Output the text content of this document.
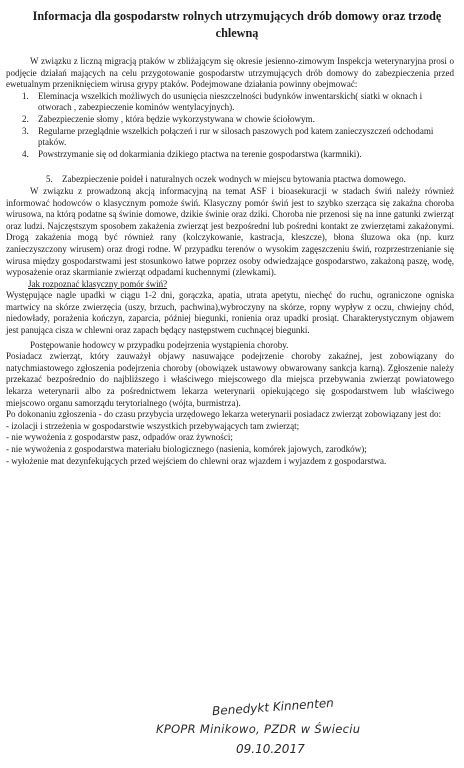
Informacja dla gospodarstw rolnych utrzymujących drób domowy oraz trzodę chlewną

W związku z liczną migracją ptaków w zbliżającym się okresie jesienno-zimowym Inspekcja weterynaryjna prosi o podjęcie działań mających na celu przygotowanie gospodarstw utrzymujących drób domowy do zabezpieczenia przed ewetualnym przeniknięciem wirusa grypy ptaków. Podejmowane działania powinny obejmować:

1.	Eleminacja wszelkich możliwych do usunięcia nieszczelności budynków inwentarskich( siatki w oknach i otworach , zabezpieczenie kominów wentylacyjnych).
2.	Zabezpieczenie słomy , która będzie wykorzystywana w chowie ściołowym.
3.	Regularne przeglądnie wszelkich połączeń i rur w silosach paszowych pod katem zanieczyszczeń odchodami ptaków.
4.	Powstrzymanie się od dokarmiania dzikiego ptactwa na terenie gospodarstwa (karmniki).
5.	Zabezpieczenie poideł i naturalnych oczek wodnych w miejscu bytowania ptactwa domowego.

W związku z prowadzoną akcją informacyjną na temat ASF i bioasekuracji w stadach świń należy również informować hodowców o klasycznym pomoże świń. Klasyczny pomór świń jest to szybko szerząca się zakaźna choroba wirusowa, na którą podatne są świnie domowe, dzikie świnie oraz dziki. Choroba nie przenosi się na inne gatunki zwierząt oraz ludzi. Najczęstszym sposobem zakażenia zwierząt jest bezpośredni lub pośredni kontakt ze zwierzętami zakażonymi. Drogą zakażenia mogą być również rany (kolczykowanie, kastracja, kleszcze), błona śluzowa oka (np. kurz zanieczyszczony wirusem) oraz drogi rodne. W przypadku terenów o wysokim zagęszczeniu świń, rozprzestrzenianie się wirusa między gospodarstwami jest stosunkowo łatwe poprzez osoby odwiedzające gospodarstwo, zakażoną paszę, wodę, wyposażenie oraz skarmianie zwierząt odpadami kuchennymi (zlewkami).

Jak rozpoznać klasyczny pomór świń?

Występujące nagle upadki w ciągu 1-2 dni, gorączka, apatia, utrata apetytu, niechęć do ruchu, ograniczone ogniska martwicy na skórze zwierzęcia (uszy, brzuch, pachwina),wybroczyny na skórze, ropny wypływ z oczu, chwiejny chód, niedowłady, porażenia kończyn, zaparcia, później biegunki, ronienia oraz upadki prosiąt. Charakterystycznym objawem jest panująca cisza w chlewni oraz zapach będący następstwem cuchnącej biegunki.

Postępowanie hodowcy w przypadku podejrzenia wystąpienia choroby.

Posiadacz zwierząt, który zauważył objawy nasuwające podejrzenie choroby zakaźnej, jest zobowiązany do natychmiastowego zgłoszenia podejrzenia choroby (obowiązek ustawowy obwarowany sankcja karną). Zgłoszenie należy przekazać bezpośrednio do najbliższego i właściwego miejscowego dla miejsca przebywania zwierząt powiatowego lekarza weterynarii albo za pośrednictwem lekarza weterynarii opiekującego się gospodarstwem lub właściwego miejscowo organu samorządu terytorialnego (wójta, burmistrza).

Po dokonaniu zgłoszenia - do czasu przybycia urzędowego lekarza weterynarii posiadacz zwierząt zobowiązany jest do:

- izolacji i strzeżenia w gospodarstwie wszystkich przebywających tam zwierząt;

- nie wywożenia z gospodarstw pasz, odpadów oraz żywności;

- nie wywożenia z gospodarstwa materiału biologicznego (nasienia, komórek jajowych, zarodków);

- wyłożenie mat dezynfekujących przed wejściem do chlewni oraz wjazdem i wyjazdem z gospodarstwa.

Benedykt Kinnenten
KPOPR Minikowo, PZDR w Świeciu
09.10.2017
